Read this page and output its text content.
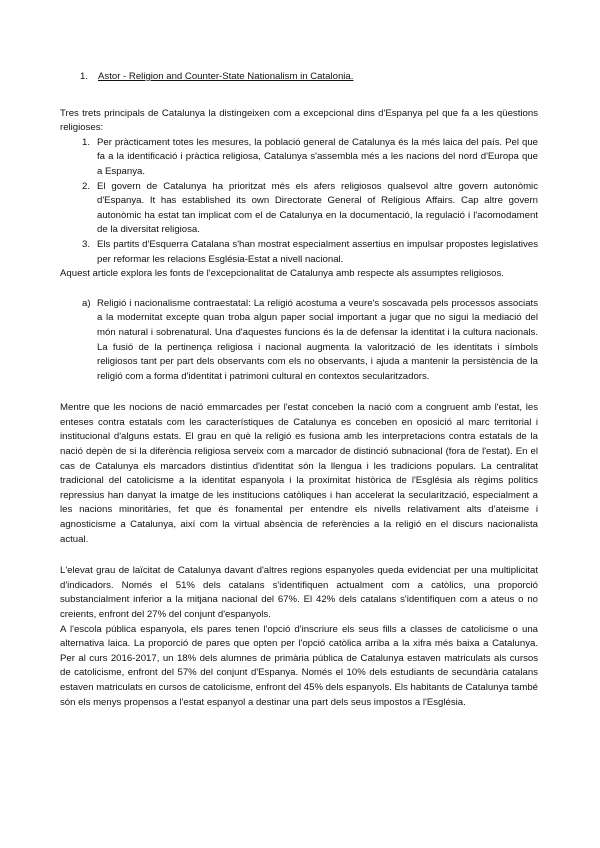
1. Astor - Religion and Counter-State Nationalism in Catalonia.

Tres trets principals de Catalunya la distingeixen com a excepcional dins d'Espanya pel que fa a les qüestions religioses:

1. Per pràcticament totes les mesures, la població general de Catalunya és la més laica del país. Pel que fa a la identificació i pràctica religiosa, Catalunya s'assembla més a les nacions del nord d'Europa que a Espanya.
2. El govern de Catalunya ha prioritzat més els afers religiosos qualsevol altre govern autonòmic d'Espanya. It has established its own Directorate General of Religious Affairs. Cap altre govern autonòmic ha estat tan implicat com el de Catalunya en la documentació, la regulació i l'acomodament de la diversitat religiosa.
3. Els partits d'Esquerra Catalana s'han mostrat especialment assertius en impulsar propostes legislatives per reformar les relacions Església-Estat a nivell nacional.

Aquest article explora les fonts de l'excepcionalitat de Catalunya amb respecte als assumptes religiosos.

a) Religió i nacionalisme contraestatal: La religió acostuma a veure's soscavada pels processos associats a la modernitat excepte quan troba algun paper social important a jugar que no sigui la mediació del món natural i sobrenatural. Una d'aquestes funcions és la de defensar la identitat i la cultura nacionals. La fusió de la pertinença religiosa i nacional augmenta la valorització de les identitats i símbols religiosos tant per part dels observants com els no observants, i ajuda a mantenir la persistència de la religió com a forma d'identitat i patrimoni cultural en contextos secularitzadors.

Mentre que les nocions de nació emmarcades per l'estat conceben la nació com a congruent amb l'estat, les enteses contra estatals com les característiques de Catalunya es conceben en oposició al marc territorial i institucional d'alguns estats. El grau en què la religió es fusiona amb les interpretacions contra estatals de la nació depèn de si la diferència religiosa serveix com a marcador de distinció subnacional (fora de l'estat). En el cas de Catalunya els marcadors distintius d'identitat són la llengua i les tradicions populars. La centralitat tradicional del catolicisme a la identitat espanyola i la proximitat històrica de l'Església als règims polítics repressius han danyat la imatge de les institucions catòliques i han accelerat la secularització, especialment a les nacions minoritàries, fet que és fonamental per entendre els nivells relativament alts d'ateisme i agnosticisme a Catalunya, així com la virtual absència de referències a la religió en el discurs nacionalista actual.

L'elevat grau de laïcitat de Catalunya davant d'altres regions espanyoles queda evidenciat per una multiplicitat d'indicadors. Només el 51% dels catalans s'identifiquen actualment com a catòlics, una proporció substancialment inferior a la mitjana nacional del 67%. El 42% dels catalans s'identifiquen com a ateus o no creients, enfront del 27% del conjunt d'espanyols.

A l'escola pública espanyola, els pares tenen l'opció d'inscriure els seus fills a classes de catolicisme o una alternativa laica. La proporció de pares que opten per l'opció catòlica arriba a la xifra més baixa a Catalunya. Per al curs 2016-2017, un 18% dels alumnes de primària pública de Catalunya estaven matriculats als cursos de catolicisme, enfront del 57% del conjunt d'Espanya. Només el 10% dels estudiants de secundària catalans estaven matriculats en cursos de catolicisme, enfront del 45% dels espanyols. Els habitants de Catalunya també són els menys propensos a l'estat espanyol a destinar una part dels seus impostos a l'Església.
